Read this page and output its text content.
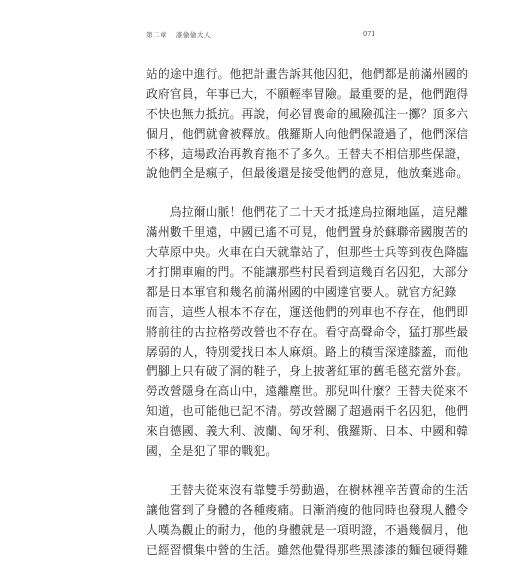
第二章 誰偷偷大人	071
站的途中進行。他把計畫告訴其他囚犯，他們都是前滿州國的
政府官員，年事已大，不願輕率冒險。最重要的是，他們跑得
不快也無力抵抗。再說，何必冒喪命的風險孤注一擲？頂多六
個月，他們就會被釋放。俄羅斯人向他們保證過了，他們深信
不移，這場政治再教育拖不了多久。王替夫不相信那些保證，
說他們全是瘋子，但最後還是接受他們的意見，他放棄逃命。
　　烏拉爾山脈！他們花了二十天才抵達烏拉爾地區，這兒離
滿州數千里遠，中國已遙不可見，他們置身於蘇聯帝國腹苦的
大草原中央。火車在白天就靠站了，但那些士兵等到夜色降臨
才打開車廂的門。不能讓那些村民看到這幾百名囚犯，大部分
都是日本軍官和幾名前滿州國的中國達官要人。就官方紀錄
而言，這些人根本不存在，運送他們的列車也不存在，他們即
將前往的古拉格勞改營也不存在。看守高聲命令，猛打那些最
孱弱的人，特別愛找日本人麻煩。路上的積雪深達膝蓋，而他
們腳上只有破了洞的鞋子，身上披著紅軍的舊毛毯充當外套。
勞改營隱身在高山中，遠離塵世。那兒叫什麼？王替夫從來不
知道，也可能他已記不清。勞改營關了超過兩千名囚犯，他們
來自德國、義大利、波蘭、匈牙利、俄羅斯、日本、中國和韓
國，全是犯了罪的戰犯。
　　王替夫從來沒有靠雙手勞動過，在樹林裡辛苦賣命的生活
讓他嘗到了身體的各種痠痛。日漸消瘦的他同時也發現人體令
人嘆為觀止的耐力，他的身體就是一項明證，不過幾個月，他
已經習慣集中營的生活。雖然他覺得那些黑漆漆的麵包硬得難
